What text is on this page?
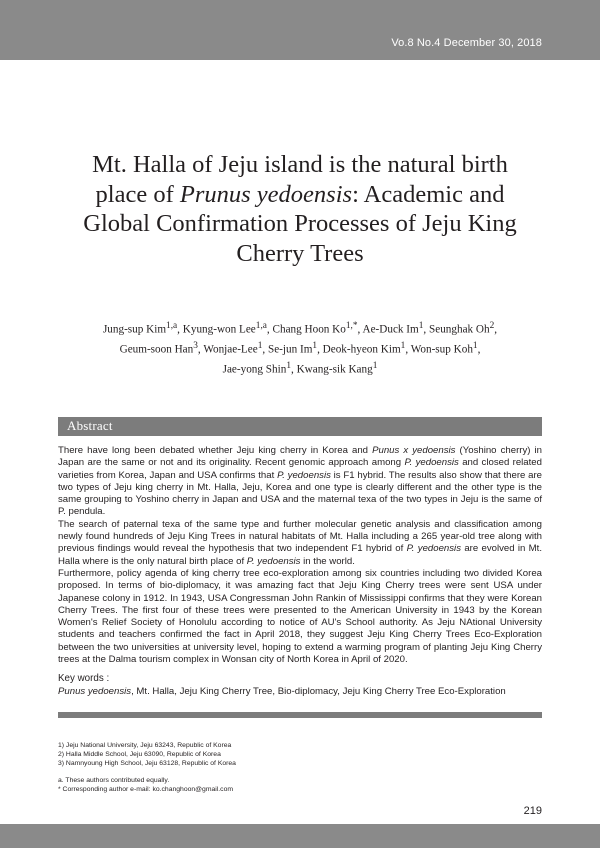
Vo.8 No.4 December 30, 2018
Mt. Halla of Jeju island is the natural birth
place of Prunus yedoensis: Academic and
Global Confirmation Processes of Jeju King
Cherry Trees
Jung-sup Kim$^{1,a}$, Kyung-won Lee$^{1,a}$, Chang Hoon $Ko^{1,*}$, Ae-Duck Im$^1$, Seunghak Oh$^2$,
Geum-soon Han$^3$, Wonjae-Lee$^1$, Se-jun Im$^1$, Deok-hyeon Kim$^1$, Won-sup Koh$^1$,
Jae-yong Shin$^1$, Kwang-sik Kang$^1$
Abstract

There have long been debated whether Jeju king cherry in Korea and Punus x yedoensis (Yoshino cherry) in Japan are the same or not and its originality. Recent genomic approach among P. yedoensis and closed related varieties from Korea, Japan and USA confirms that P. yedoensis is F1 hybrid. The results also show that there are two types of Jeju king cherry in Mt. Halla, Jeju, Korea and one type is clearly different and the other type is the same grouping to Yoshino cherry in Japan and USA and the maternal texa of the two types in Jeju is the same of P. pendula.

The search of paternal texa of the same type and further molecular genetic analysis and classification among newly found hundreds of Jeju King Trees in natural habitats of Mt. Halla including a 265 year-old tree along with previous findings would reveal the hypothesis that two independent F1 hybrid of P. yedoensis are evolved in Mt. Halla where is the only natural birth place of P. yedoensis in the world.

Furthermore, policy agenda of king cherry tree eco-exploration among six countries including two divided Korea proposed. In terms of bio-diplomacy, it was amazing fact that Jeju King Cherry trees were sent USA under Japanese colony in 1912. In 1943, USA Congressman John Rankin of Mississippi confirms that they were Korean Cherry Trees. The first four of these trees were presented to the American University in 1943 by the Korean Women's Relief Society of Honolulu according to notice of AU's School authority. As Jeju NAtional University students and teachers confirmed the fact in April 2018, they suggest Jeju King Cherry Trees Eco-Exploration between the two universities at university level, hoping to extend a warming program of planting Jeju King Cherry trees at the Dalma tourism complex in Wonsan city of North Korea in April of 2020.

Key words :
Punus yedoensis, Mt. Halla, Jeju King Cherry Tree, Bio-diplomacy, Jeju King Cherry Tree Eco-Exploration
1) Jeju National University, Jeju 63243, Republic of Korea
2) Halla Middle School, Jeju 63090, Republic of Korea
3) Namnyoung High School, Jeju 63128, Republic of Korea
a. These authors contributed equally.
* Corresponding author e-mail: ko.changhoon@gmail.com
219
